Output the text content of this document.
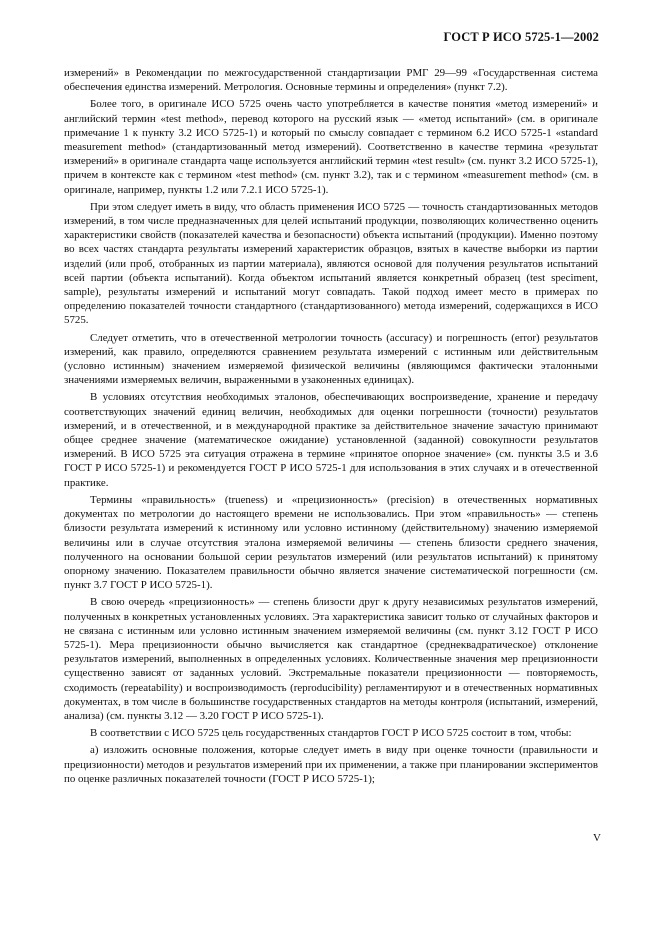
ГОСТ Р ИСО 5725-1—2002

измерений» в Рекомендации по межгосударственной стандартизации РМГ 29—99 «Государственная система обеспечения единства измерений. Метрология. Основные термины и определения» (пункт 7.2).

Более того, в оригинале ИСО 5725 очень часто употребляется в качестве понятия «метод измерений» и английский термин «test method», перевод которого на русский язык — «метод испытаний» (см. в оригинале примечание 1 к пункту 3.2 ИСО 5725-1) и который по смыслу совпадает с термином 6.2 ИСО 5725-1 «standard measurement method» (стандартизованный метод измерений). Соответственно в качестве термина «результат измерений» в оригинале стандарта чаще используется английский термин «test result» (см. пункт 3.2 ИСО 5725-1), причем в контексте как с термином «test method» (см. пункт 3.2), так и с термином «measurement method» (см. в оригинале, например, пункты 1.2 или 7.2.1 ИСО 5725-1).

При этом следует иметь в виду, что область применения ИСО 5725 — точность стандартизованных методов измерений, в том числе предназначенных для целей испытаний продукции, позволяющих количественно оценить характеристики свойств (показателей качества и безопасности) объекта испытаний (продукции). Именно поэтому во всех частях стандарта результаты измерений характеристик образцов, взятых в качестве выборки из партии изделий (или проб, отобранных из партии материала), являются основой для получения результатов испытаний всей партии (объекта испытаний). Когда объектом испытаний является конкретный образец (test speciment, sample), результаты измерений и испытаний могут совпадать. Такой подход имеет место в примерах по определению показателей точности стандартного (стандартизованного) метода измерений, содержащихся в ИСО 5725.

Следует отметить, что в отечественной метрологии точность (accuracy) и погрешность (error) результатов измерений, как правило, определяются сравнением результата измерений с истинным или действительным (условно истинным) значением измеряемой физической величины (являющимся фактически эталонными значениями измеряемых величин, выраженными в узаконенных единицах).

В условиях отсутствия необходимых эталонов, обеспечивающих воспроизведение, хранение и передачу соответствующих значений единиц величин, необходимых для оценки погрешности (точности) результатов измерений, и в отечественной, и в международной практике за действительное значение зачастую принимают общее среднее значение (математическое ожидание) установленной (заданной) совокупности результатов измерений. В ИСО 5725 эта ситуация отражена в термине «принятое опорное значение» (см. пункты 3.5 и 3.6 ГОСТ Р ИСО 5725-1) и рекомендуется ГОСТ Р ИСО 5725-1 для использования в этих случаях и в отечественной практике.

Термины «правильность» (trueness) и «прецизионность» (precision) в отечественных нормативных документах по метрологии до настоящего времени не использовались. При этом «правильность» — степень близости результата измерений к истинному или условно истинному (действительному) значению измеряемой величины или в случае отсутствия эталона измеряемой величины — степень близости среднего значения, полученного на основании большой серии результатов измерений (или результатов испытаний) к принятому опорному значению. Показателем правильности обычно является значение систематической погрешности (см. пункт 3.7 ГОСТ Р ИСО 5725-1).

В свою очередь «прецизионность» — степень близости друг к другу независимых результатов измерений, полученных в конкретных установленных условиях. Эта характеристика зависит только от случайных факторов и не связана с истинным или условно истинным значением измеряемой величины (см. пункт 3.12 ГОСТ Р ИСО 5725-1). Мера прецизионности обычно вычисляется как стандартное (среднеквадратическое) отклонение результатов измерений, выполненных в определенных условиях. Количественные значения мер прецизионности существенно зависят от заданных условий. Экстремальные показатели прецизионности — повторяемость, сходимость (repeatability) и воспроизводимость (reproducibility) регламентируют и в отечественных нормативных документах, в том числе в большинстве государственных стандартов на методы контроля (испытаний, измерений, анализа) (см. пункты 3.12 — 3.20 ГОСТ Р ИСО 5725-1).

В соответствии с ИСО 5725 цель государственных стандартов ГОСТ Р ИСО 5725 состоит в том, чтобы:

а) изложить основные положения, которые следует иметь в виду при оценке точности (правильности и прецизионности) методов и результатов измерений при их применении, а также при планировании экспериментов по оценке различных показателей точности (ГОСТ Р ИСО 5725-1);

V
